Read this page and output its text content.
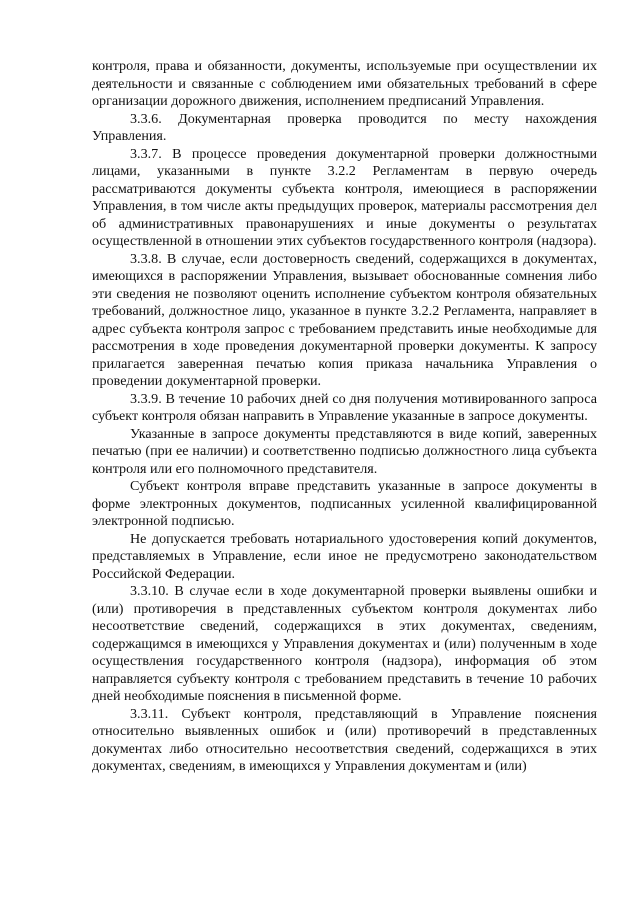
контроля, права и обязанности, документы, используемые при осуществлении их деятельности и связанные с соблюдением ими обязательных требований в сфере организации дорожного движения, исполнением предписаний Управления.

3.3.6. Документарная проверка проводится по месту нахождения Управления.

3.3.7. В процессе проведения документарной проверки должностными лицами, указанными в пункте 3.2.2 Регламентам в первую очередь рассматриваются документы субъекта контроля, имеющиеся в распоряжении Управления, в том числе акты предыдущих проверок, материалы рассмотрения дел об административных правонарушениях и иные документы о результатах осуществленной в отношении этих субъектов государственного контроля (надзора).

3.3.8. В случае, если достоверность сведений, содержащихся в документах, имеющихся в распоряжении Управления, вызывает обоснованные сомнения либо эти сведения не позволяют оценить исполнение субъектом контроля обязательных требований, должностное лицо, указанное в пункте 3.2.2 Регламента, направляет в адрес субъекта контроля запрос с требованием представить иные необходимые для рассмотрения в ходе проведения документарной проверки документы. К запросу прилагается заверенная печатью копия приказа начальника Управления о проведении документарной проверки.

3.3.9. В течение 10 рабочих дней со дня получения мотивированного запроса субъект контроля обязан направить в Управление указанные в запросе документы.

Указанные в запросе документы представляются в виде копий, заверенных печатью (при ее наличии) и соответственно подписью должностного лица субъекта контроля или его полномочного представителя.

Субъект контроля вправе представить указанные в запросе документы в форме электронных документов, подписанных усиленной квалифицированной электронной подписью.

Не допускается требовать нотариального удостоверения копий документов, представляемых в Управление, если иное не предусмотрено законодательством Российской Федерации.

3.3.10. В случае если в ходе документарной проверки выявлены ошибки и (или) противоречия в представленных субъектом контроля документах либо несоответствие сведений, содержащихся в этих документах, сведениям, содержащимся в имеющихся у Управления документах и (или) полученным в ходе осуществления государственного контроля (надзора), информация об этом направляется субъекту контроля с требованием представить в течение 10 рабочих дней необходимые пояснения в письменной форме.

3.3.11. Субъект контроля, представляющий в Управление пояснения относительно выявленных ошибок и (или) противоречий в представленных документах либо относительно несоответствия сведений, содержащихся в этих документах, сведениям, в имеющихся у Управления документам и (или)
